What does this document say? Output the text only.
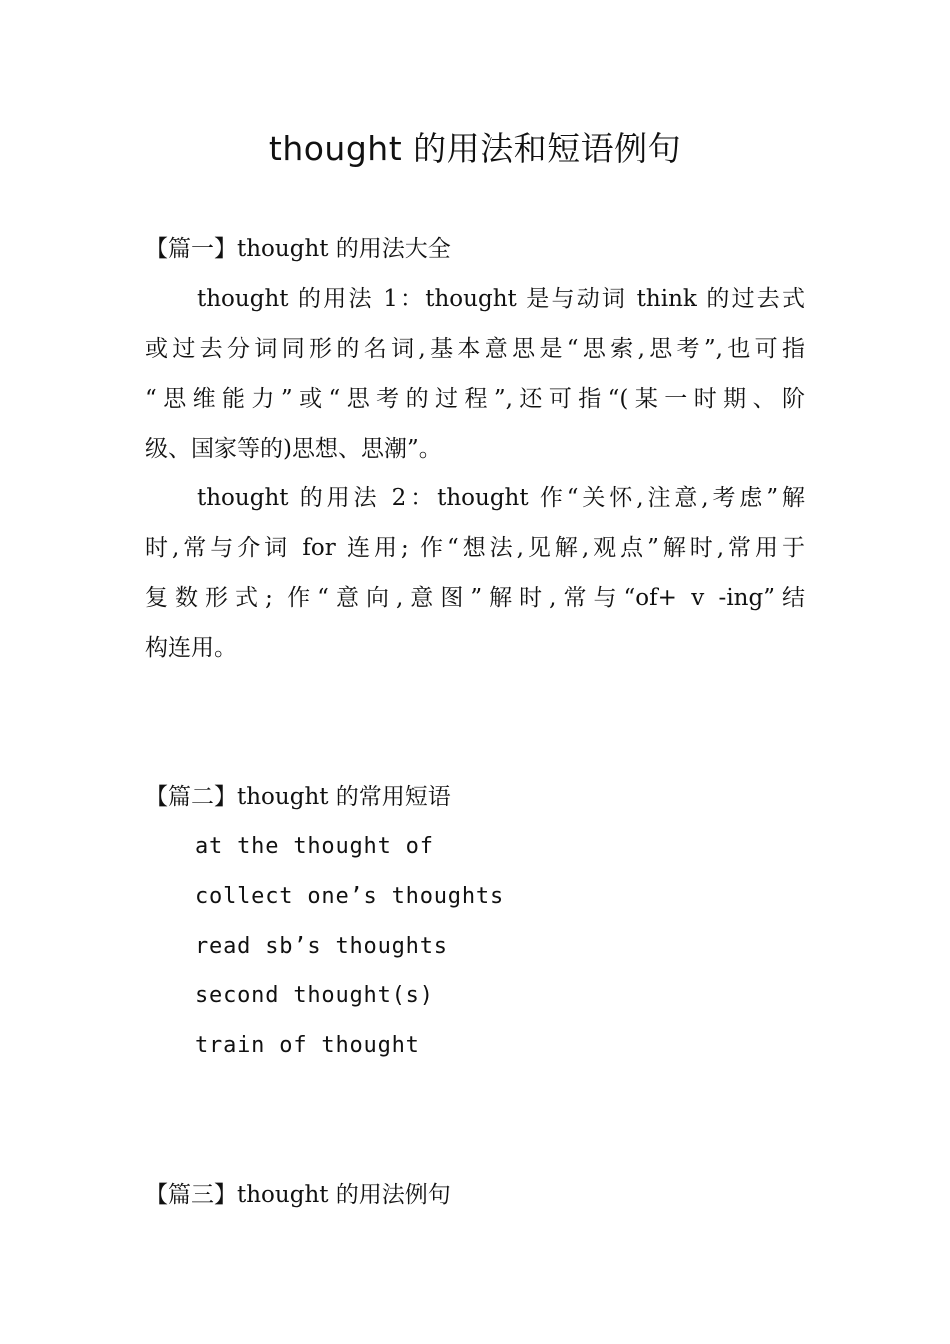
thought 的用法和短语例句
【篇一】thought 的用法大全
thought 的用法 1：thought 是与动词 think 的过去式
或过去分词同形的名词,基本意思是“思索,思考”,也可指
“思维能力”或“思考的过程”,还可指“(某一时期、阶
级、国家等的)思想、思潮”。
thought 的用法 2：thought 作“关怀,注意,考虑”解
时,常与介词 for 连用; 作“想法,见解,观点”解时,常用于
复数形式; 作“意向,意图”解时,常与“of+ v -ing”结
构连用。
【篇二】thought 的常用短语
at the thought of
collect one’s thoughts
read sb’s thoughts
second thought(s)
train of thought
【篇三】thought 的用法例句
